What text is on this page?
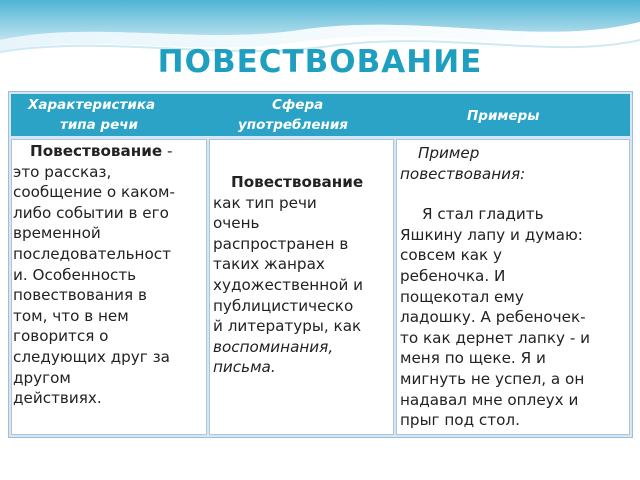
ПОВЕСТВОВАНИЕ
Характеристика
типа речи
Сфера
употребления
Примеры
Повествование -
это рассказ,
сообщение о каком-
либо событии в его
временной
последовательност
и. Особенность
повествования в
том, что в нем
говорится о
следующих друг за
другом
действиях.
Повествование
как тип речи
очень
распространен в
таких жанрах
художественной и
публицистическо
й литературы, как
воспоминания,
письма.
Пример
повествования:
Я стал гладить
Яшкину лапу и думаю:
совсем как у
ребеночка. И
пощекотал ему
ладошку. А ребеночек-
то как дернет лапку - и
меня по щеке. Я и
мигнуть не успел, а он
надавал мне оплеух и
прыг под стол.
